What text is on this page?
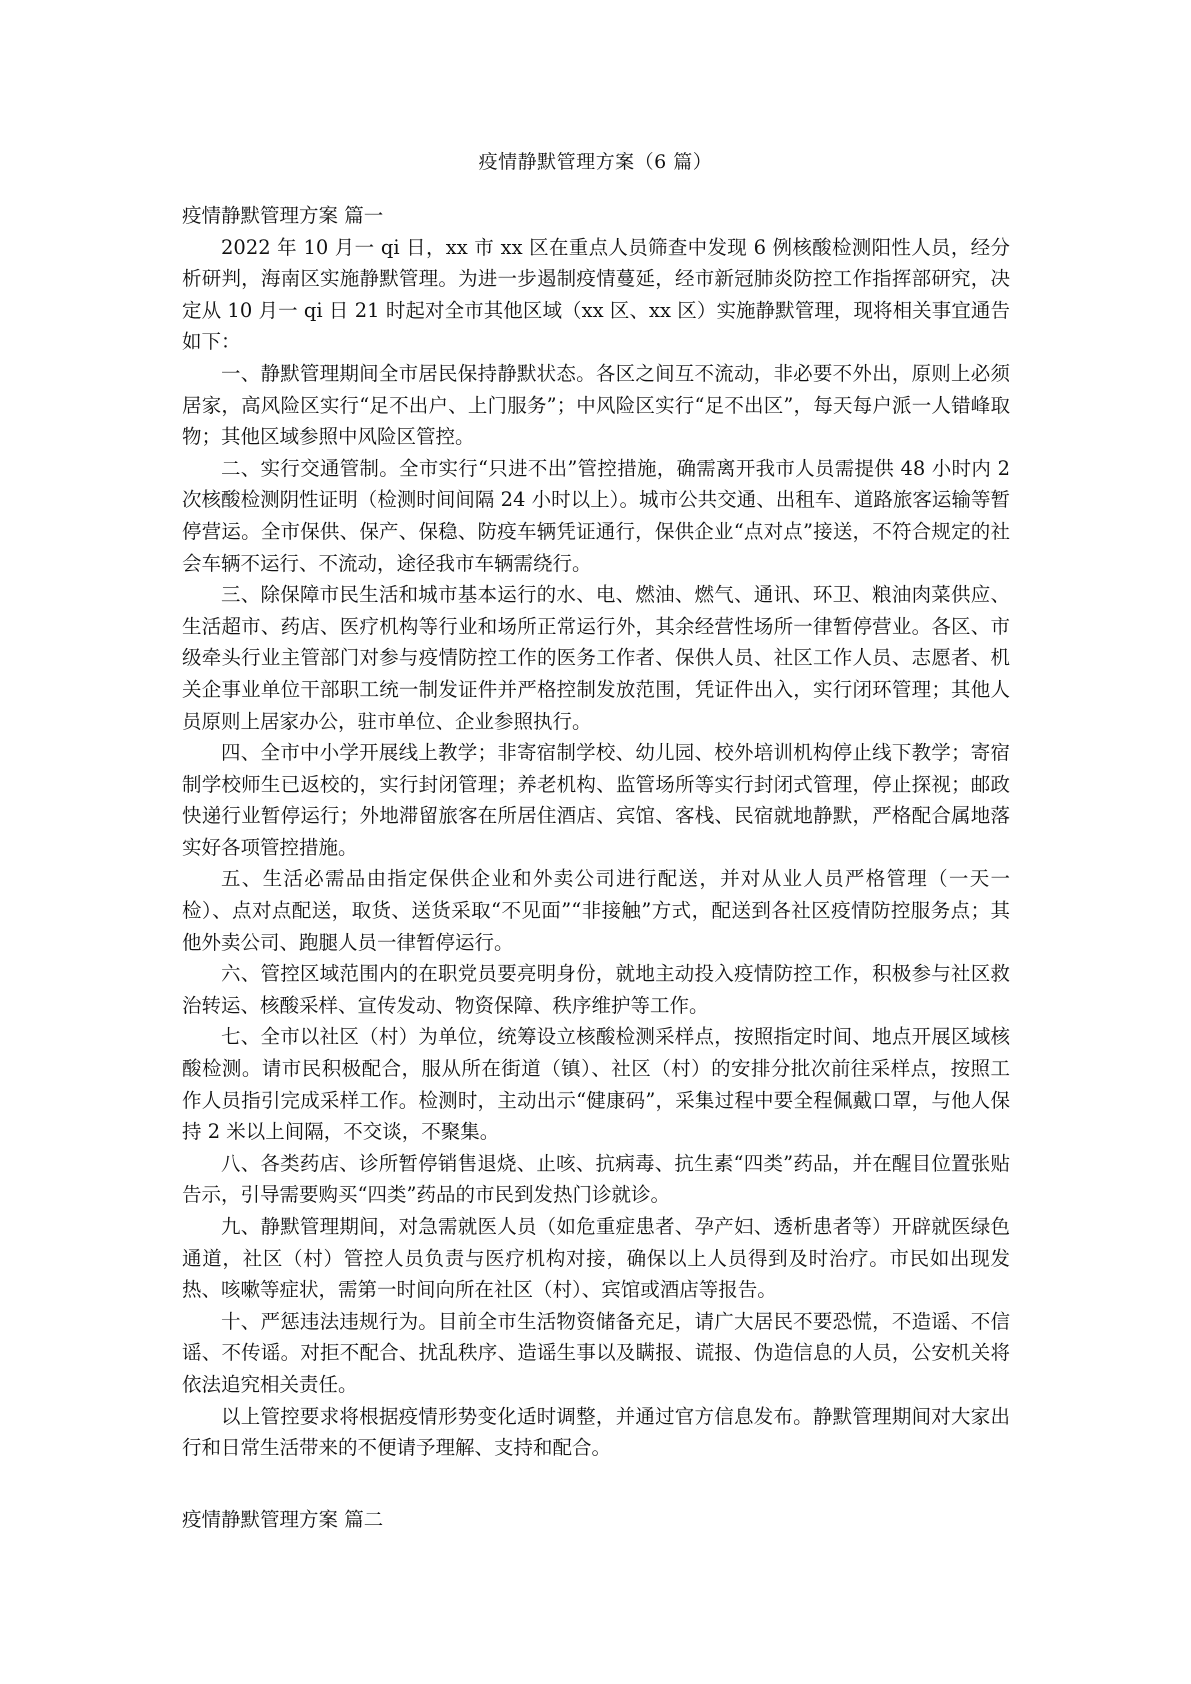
疫情静默管理方案（6 篇）
疫情静默管理方案 篇一

2022 年 10 月一 qi 日，xx 市 xx 区在重点人员筛查中发现 6 例核酸检测阳性人员，经分析研判，海南区实施静默管理。为进一步遏制疫情蔓延，经市新冠肺炎防控工作指挥部研究，决定从 10 月一 qi 日 21 时起对全市其他区域（xx 区、xx 区）实施静默管理，现将相关事宜通告如下：

一、静默管理期间全市居民保持静默状态。各区之间互不流动，非必要不外出，原则上必须居家，高风险区实行“足不出户、上门服务”；中风险区实行“足不出区”，每天每户派一人错峰取物；其他区域参照中风险区管控。

二、实行交通管制。全市实行“只进不出”管控措施，确需离开我市人员需提供 48 小时内 2 次核酸检测阴性证明（检测时间间隔 24 小时以上）。城市公共交通、出租车、道路旅客运输等暂停营运。全市保供、保产、保稳、防疫车辆凭证通行，保供企业“点对点”接送，不符合规定的社会车辆不运行、不流动，途径我市车辆需绕行。

三、除保障市民生活和城市基本运行的水、电、燃油、燃气、通讯、环卫、粮油肉菜供应、生活超市、药店、医疗机构等行业和场所正常运行外，其余经营性场所一律暂停营业。各区、市级牵头行业主管部门对参与疫情防控工作的医务工作者、保供人员、社区工作人员、志愿者、机关企事业单位干部职工统一制发证件并严格控制发放范围，凭证件出入，实行闭环管理；其他人员原则上居家办公，驻市单位、企业参照执行。

四、全市中小学开展线上教学；非寄宿制学校、幼儿园、校外培训机构停止线下教学；寄宿制学校师生已返校的，实行封闭管理；养老机构、监管场所等实行封闭式管理，停止探视；邮政快递行业暂停运行；外地滞留旅客在所居住酒店、宾馆、客栈、民宿就地静默，严格配合属地落实好各项管控措施。

五、生活必需品由指定保供企业和外卖公司进行配送，并对从业人员严格管理（一天一检）、点对点配送，取货、送货采取“不见面”“非接触”方式，配送到各社区疫情防控服务点；其他外卖公司、跑腿人员一律暂停运行。

六、管控区域范围内的在职党员要亮明身份，就地主动投入疫情防控工作，积极参与社区救治转运、核酸采样、宣传发动、物资保障、秩序维护等工作。

七、全市以社区（村）为单位，统筹设立核酸检测采样点，按照指定时间、地点开展区域核酸检测。请市民积极配合，服从所在街道（镇）、社区（村）的安排分批次前往采样点，按照工作人员指引完成采样工作。检测时，主动出示“健康码”，采集过程中要全程佩戴口罩，与他人保持 2 米以上间隔，不交谈，不聚集。

八、各类药店、诊所暂停销售退烧、止咳、抗病毒、抗生素“四类”药品，并在醒目位置张贴告示，引导需要购买“四类”药品的市民到发热门诊就诊。

九、静默管理期间，对急需就医人员（如危重症患者、孕产妇、透析患者等）开辟就医绿色通道，社区（村）管控人员负责与医疗机构对接，确保以上人员得到及时治疗。市民如出现发热、咳嗽等症状，需第一时间向所在社区（村）、宾馆或酒店等报告。

十、严惩违法违规行为。目前全市生活物资储备充足，请广大居民不要恐慌，不造谣、不信谣、不传谣。对拒不配合、扰乱秩序、造谣生事以及瞒报、谎报、伪造信息的人员，公安机关将依法追究相关责任。

以上管控要求将根据疫情形势变化适时调整，并通过官方信息发布。静默管理期间对大家出行和日常生活带来的不便请予理解、支持和配合。

疫情静默管理方案 篇二
